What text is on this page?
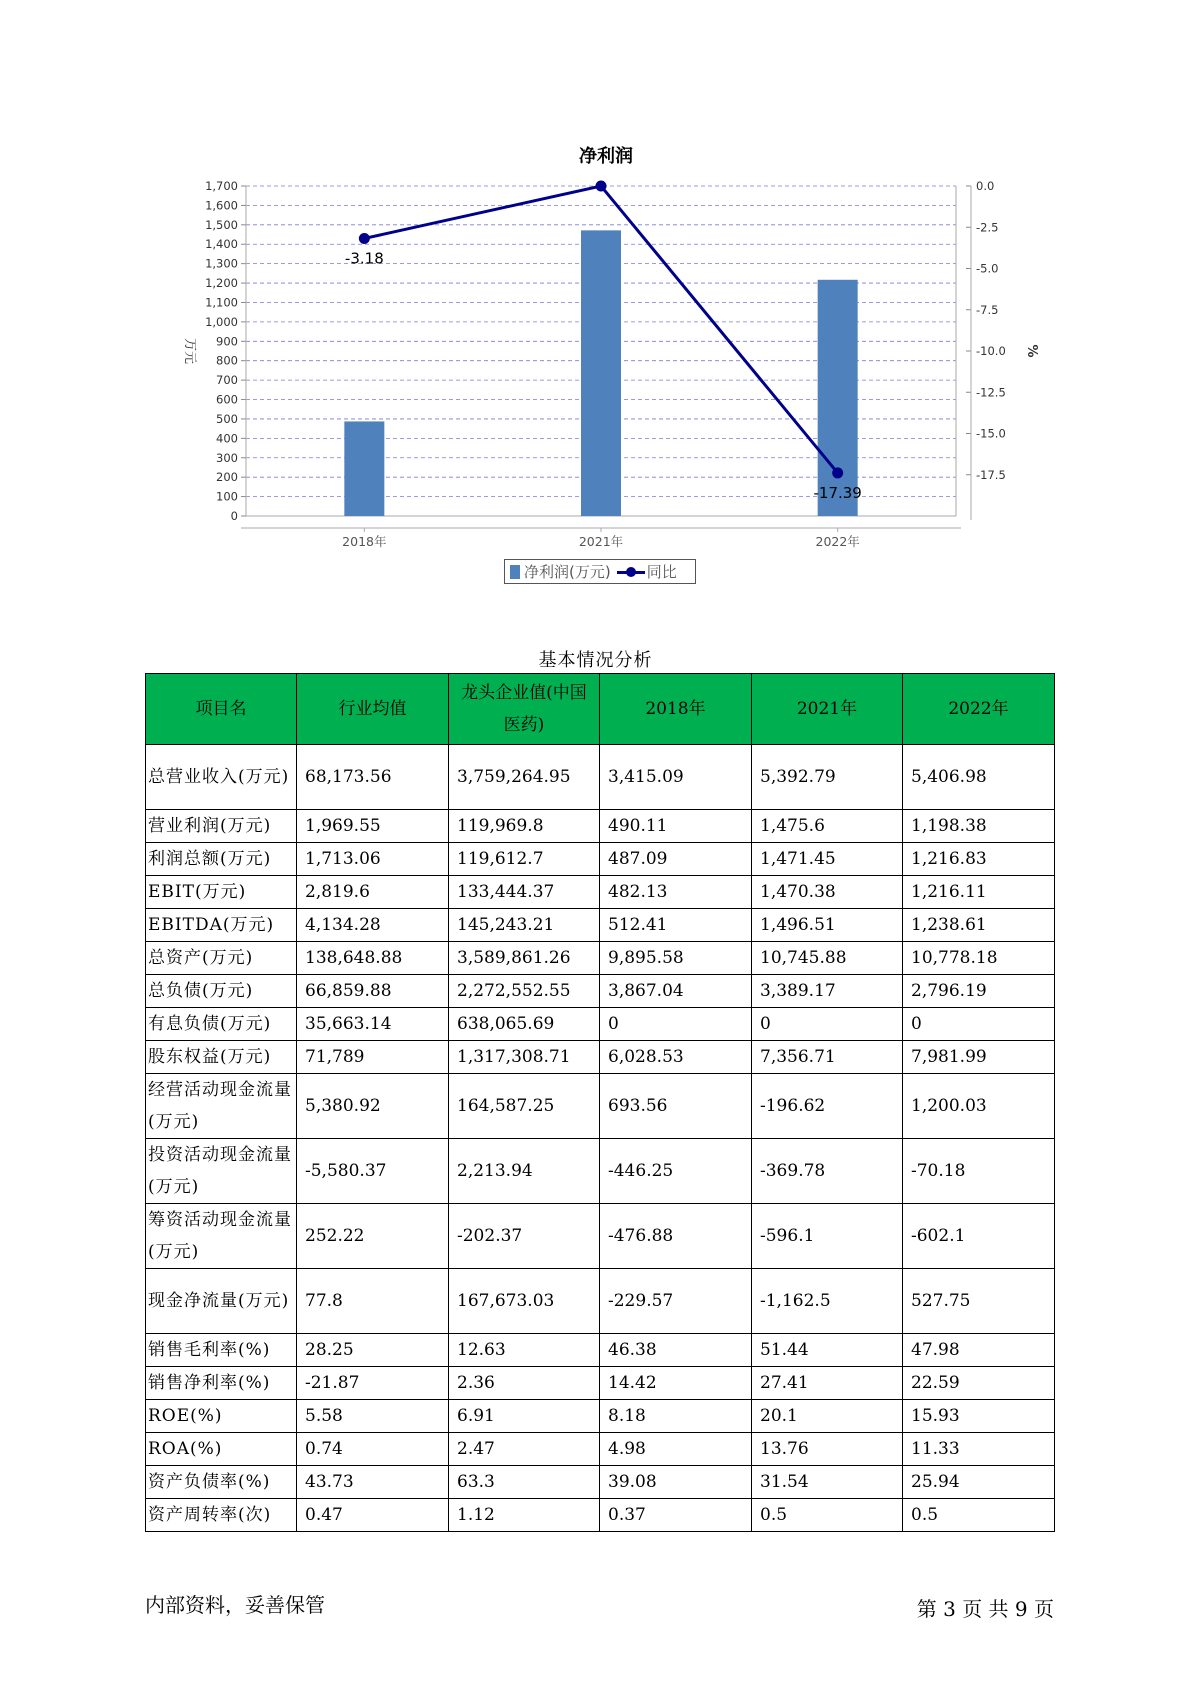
净利润
0
100
200
300
400
500
600
700
800
900
1,000
1,100
1,200
1,300
1,400
1,500
1,600
1,700
-17.5
-15.0
-12.5
-10.0
-7.5
-5.0
-2.5
0.0
万元	%
2018年	2021年	2022年
-3.18
-17.39
净利润(万元) 同比
基本情况分析
项目名	行业均值	龙头企业值(中国医药)	2018年	2021年	2022年
总营业收入(万元)	68,173.56	3,759,264.95	3,415.09	5,392.79	5,406.98
营业利润(万元)	1,969.55	119,969.8	490.11	1,475.6	1,198.38
利润总额(万元)	1,713.06	119,612.7	487.09	1,471.45	1,216.83
EBIT(万元)	2,819.6	133,444.37	482.13	1,470.38	1,216.11
EBITDA(万元)	4,134.28	145,243.21	512.41	1,496.51	1,238.61
总资产(万元)	138,648.88	3,589,861.26	9,895.58	10,745.88	10,778.18
总负债(万元)	66,859.88	2,272,552.55	3,867.04	3,389.17	2,796.19
有息负债(万元)	35,663.14	638,065.69	0	0	0
股东权益(万元)	71,789	1,317,308.71	6,028.53	7,356.71	7,981.99
经营活动现金流量(万元)	5,380.92	164,587.25	693.56	-196.62	1,200.03
投资活动现金流量(万元)	-5,580.37	2,213.94	-446.25	-369.78	-70.18
筹资活动现金流量(万元)	252.22	-202.37	-476.88	-596.1	-602.1
现金净流量(万元)	77.8	167,673.03	-229.57	-1,162.5	527.75
销售毛利率(%)	28.25	12.63	46.38	51.44	47.98
销售净利率(%)	-21.87	2.36	14.42	27.41	22.59
ROE(%)	5.58	6.91	8.18	20.1	15.93
ROA(%)	0.74	2.47	4.98	13.76	11.33
资产负债率(%)	43.73	63.3	39.08	31.54	25.94
资产周转率(次)	0.47	1.12	0.37	0.5	0.5
内部资料，妥善保管	第 3 页 共 9 页
